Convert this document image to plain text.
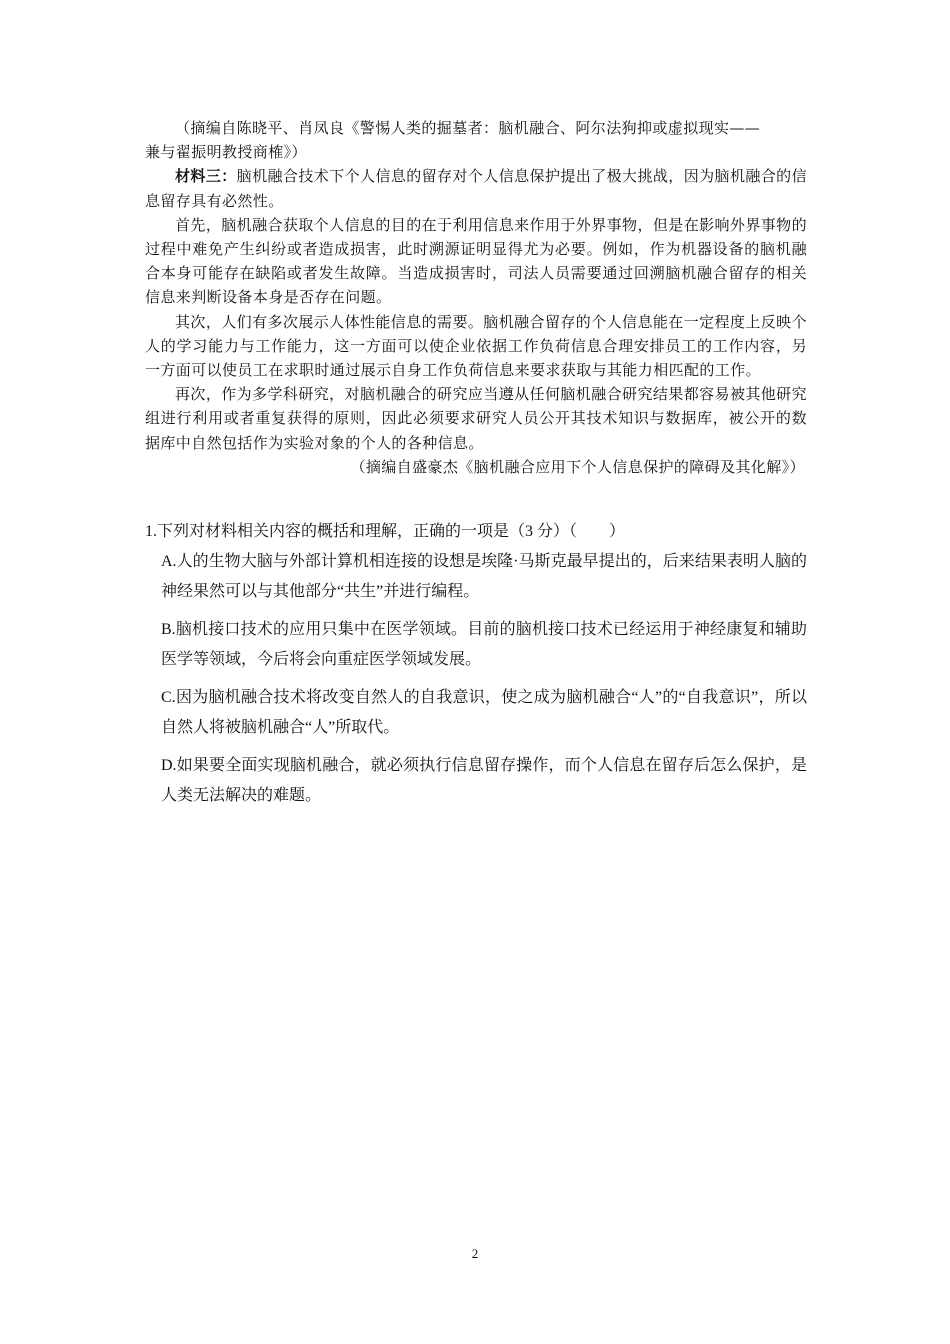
（摘编自陈晓平、肖凤良《警惕人类的掘墓者：脑机融合、阿尔法狗抑或虚拟现实——

兼与翟振明教授商榷》）

材料三：脑机融合技术下个人信息的留存对个人信息保护提出了极大挑战，因为脑机融合的信息留存具有必然性。

首先，脑机融合获取个人信息的目的在于利用信息来作用于外界事物，但是在影响外界事物的过程中难免产生纠纷或者造成损害，此时溯源证明显得尤为必要。例如，作为机器设备的脑机融合本身可能存在缺陷或者发生故障。当造成损害时，司法人员需要通过回溯脑机融合留存的相关信息来判断设备本身是否存在问题。

其次，人们有多次展示人体性能信息的需要。脑机融合留存的个人信息能在一定程度上反映个人的学习能力与工作能力，这一方面可以使企业依据工作负荷信息合理安排员工的工作内容，另一方面可以使员工在求职时通过展示自身工作负荷信息来要求获取与其能力相匹配的工作。

再次，作为多学科研究，对脑机融合的研究应当遵从任何脑机融合研究结果都容易被其他研究组进行利用或者重复获得的原则，因此必须要求研究人员公开其技术知识与数据库，被公开的数据库中自然包括作为实验对象的个人的各种信息。

（摘编自盛豪杰《脑机融合应用下个人信息保护的障碍及其化解》）

1.下列对材料相关内容的概括和理解，正确的一项是（3 分）（　　）

A.人的生物大脑与外部计算机相连接的设想是埃隆·马斯克最早提出的，后来结果表明人脑的神经果然可以与其他部分“共生”并进行编程。

B.脑机接口技术的应用只集中在医学领域。目前的脑机接口技术已经运用于神经康复和辅助医学等领域，今后将会向重症医学领域发展。

C.因为脑机融合技术将改变自然人的自我意识，使之成为脑机融合“人”的“自我意识”，所以自然人将被脑机融合“人”所取代。

D.如果要全面实现脑机融合，就必须执行信息留存操作，而个人信息在留存后怎么保护，是人类无法解决的难题。

2
